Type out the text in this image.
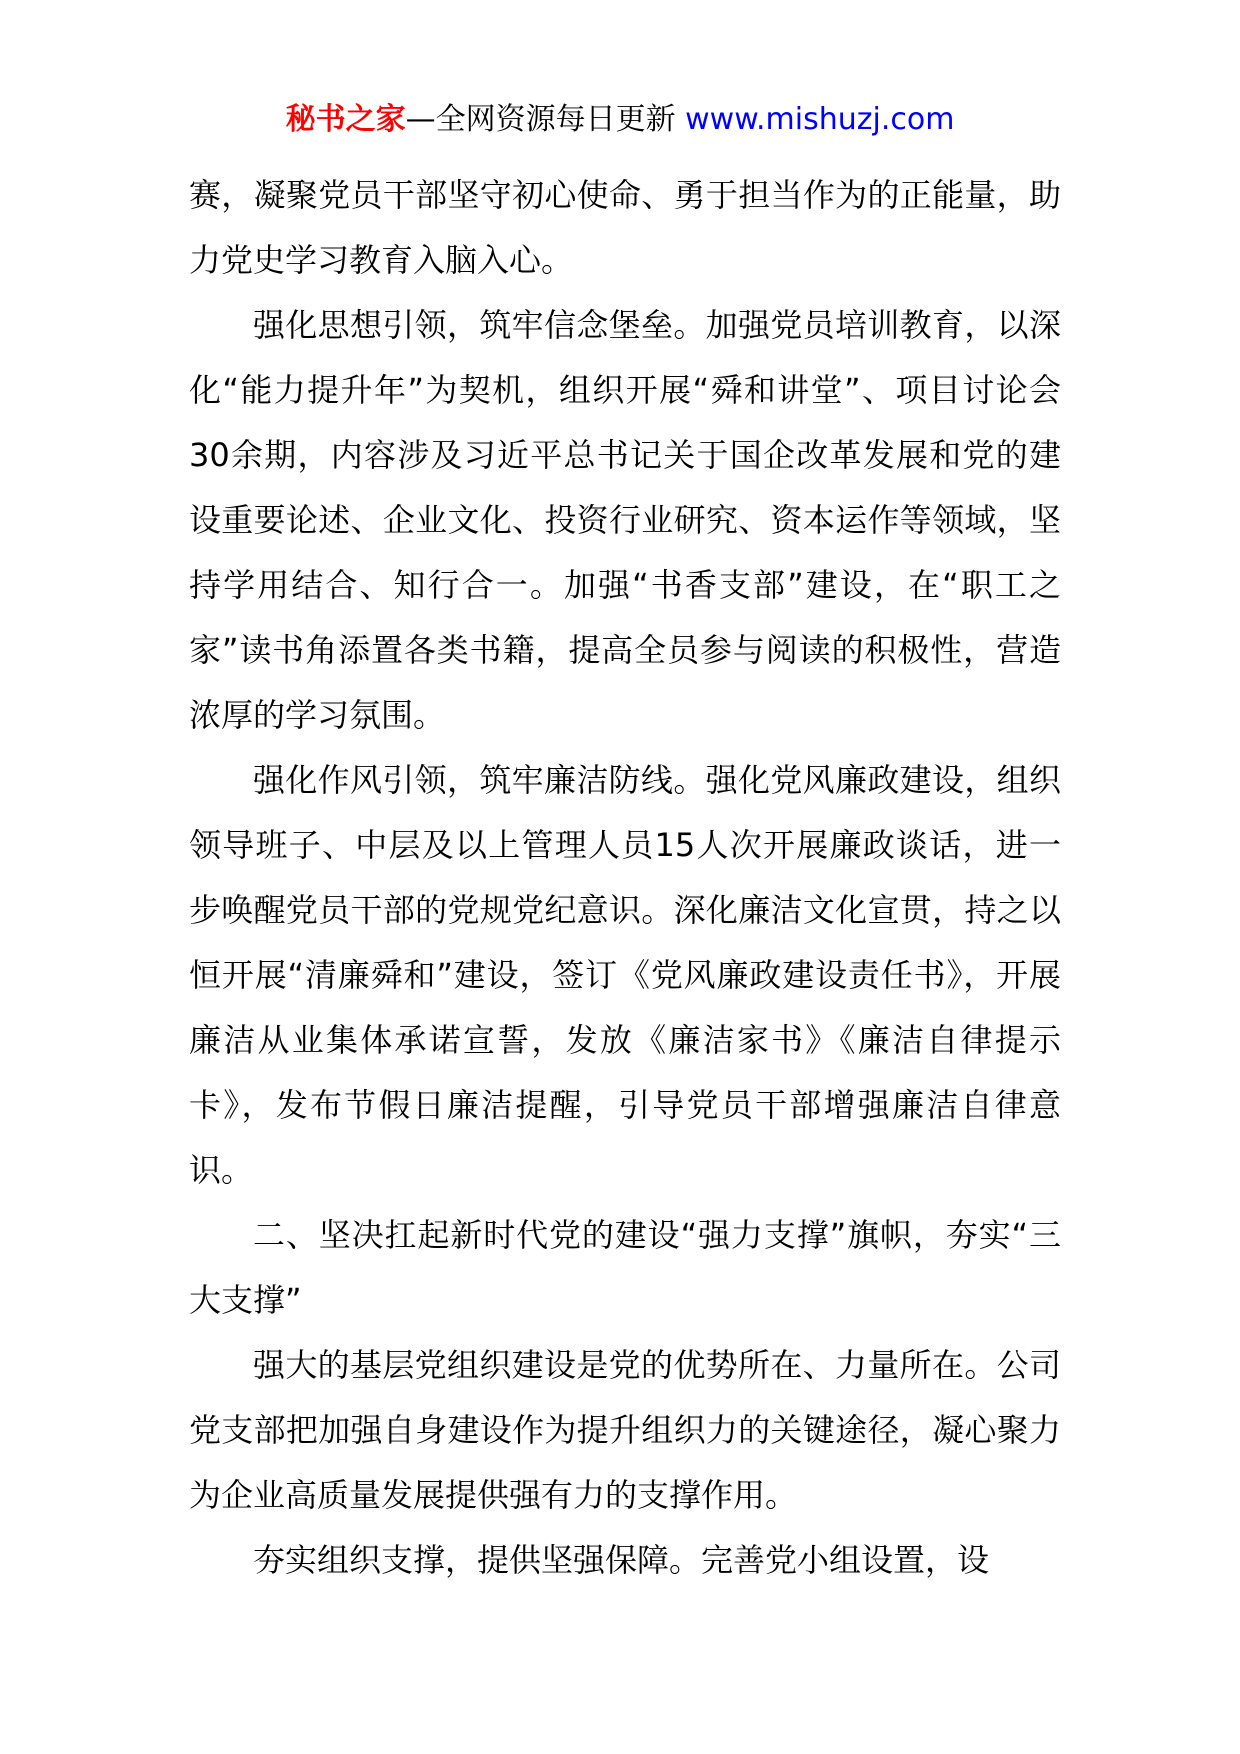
秘书之家—全网资源每日更新 www.mishuzj.com

赛，凝聚党员干部坚守初心使命、勇于担当作为的正能量，助力党史学习教育入脑入心。

强化思想引领，筑牢信念堡垒。加强党员培训教育，以深化“能力提升年”为契机，组织开展“舜和讲堂”、项目讨论会30余期，内容涉及习近平总书记关于国企改革发展和党的建设重要论述、企业文化、投资行业研究、资本运作等领域，坚持学用结合、知行合一。加强“书香支部”建设，在“职工之家”读书角添置各类书籍，提高全员参与阅读的积极性，营造浓厚的学习氛围。

强化作风引领，筑牢廉洁防线。强化党风廉政建设，组织领导班子、中层及以上管理人员15人次开展廉政谈话，进一步唤醒党员干部的党规党纪意识。深化廉洁文化宣贯，持之以恒开展“清廉舜和”建设，签订《党风廉政建设责任书》，开展廉洁从业集体承诺宣誓，发放《廉洁家书》《廉洁自律提示卡》，发布节假日廉洁提醒，引导党员干部增强廉洁自律意识。

二、坚决扛起新时代党的建设“强力支撑”旗帜，夯实“三大支撑”

强大的基层党组织建设是党的优势所在、力量所在。公司党支部把加强自身建设作为提升组织力的关键途径，凝心聚力为企业高质量发展提供强有力的支撑作用。

夯实组织支撑，提供坚强保障。完善党小组设置，设
